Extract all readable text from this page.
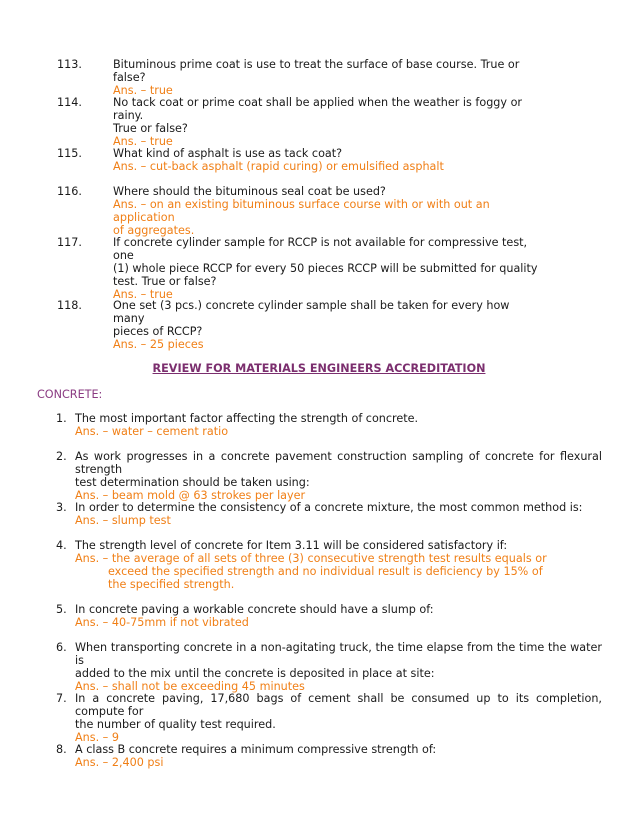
113.	Bituminous prime coat is use to treat the surface of base course. True or false?
Ans. – true
114.	No tack coat or prime coat shall be applied when the weather is foggy or rainy.
True or false?
Ans. – true
115.	What kind of asphalt is use as tack coat?
Ans. – cut-back asphalt (rapid curing) or emulsified asphalt
116.	Where should the bituminous seal coat be used?
Ans. – on an existing bituminous surface course with or with out an application
of aggregates.
117.	If concrete cylinder sample for RCCP is not available for compressive test, one
(1) whole piece RCCP for every 50 pieces RCCP will be submitted for quality
test. True or false?
Ans. – true
118.	One set (3 pcs.) concrete cylinder sample shall be taken for every how many
pieces of RCCP?
Ans. – 25 pieces
REVIEW FOR MATERIALS ENGINEERS ACCREDITATION
CONCRETE:
1. The most important factor affecting the strength of concrete.
Ans. – water – cement ratio
2. As work progresses in a concrete pavement construction sampling of concrete for flexural strength
test determination should be taken using:
Ans. – beam mold @ 63 strokes per layer
3. In order to determine the consistency of a concrete mixture, the most common method is:
Ans. – slump test
4. The strength level of concrete for Item 3.11 will be considered satisfactory if:
Ans. – the average of all sets of three (3) consecutive strength test results equals or
exceed the specified strength and no individual result is deficiency by 15% of
the specified strength.
5. In concrete paving a workable concrete should have a slump of:
Ans. – 40-75mm if not vibrated
6. When transporting concrete in a non-agitating truck, the time elapse from the time the water is
added to the mix until the concrete is deposited in place at site:
Ans. – shall not be exceeding 45 minutes
7. In a concrete paving, 17,680 bags of cement shall be consumed up to its completion, compute for
the number of quality test required.
Ans. – 9
8. A class B concrete requires a minimum compressive strength of:
Ans. – 2,400 psi
